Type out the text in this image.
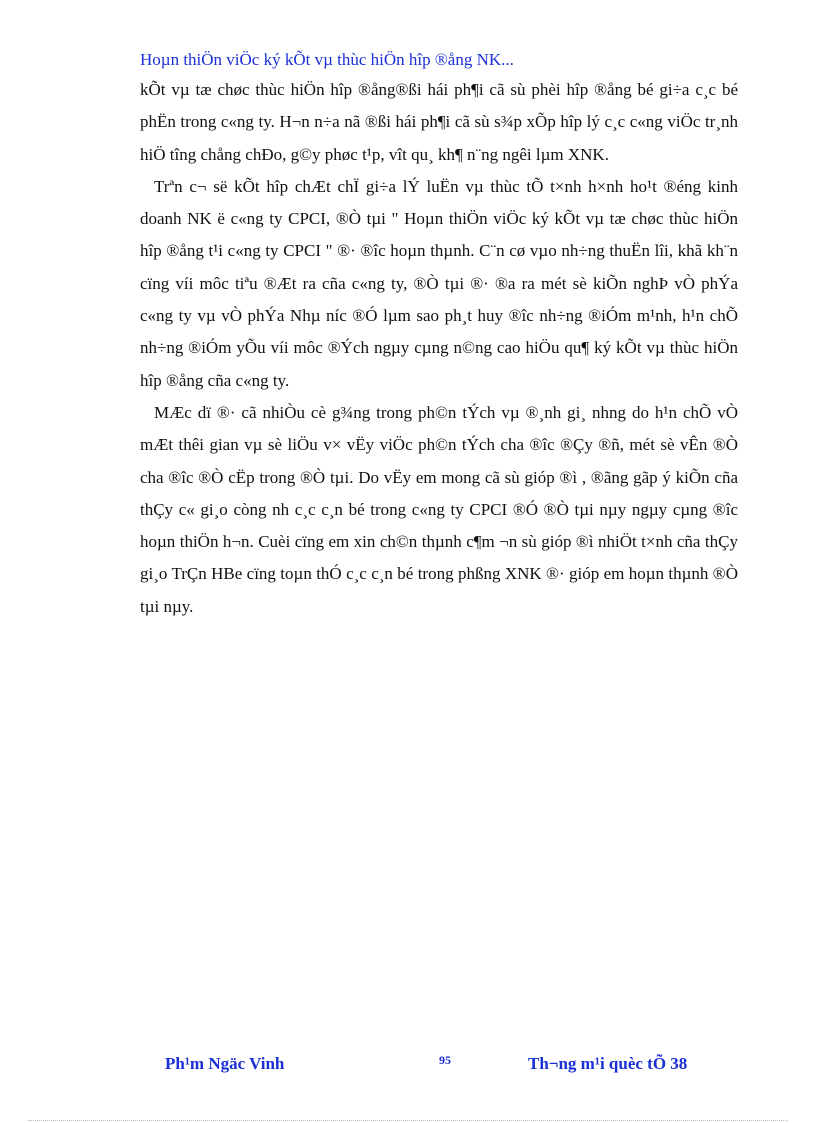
Hoµn thiÖn viÖc ký kÕt vµ thùc hiÖn hîp ®ång NK...

kÕt vµ tæ chøc thùc hiÖn hîp ®ång®ßi hái ph¶i cã sù phèi hîp ®ång bé gi÷a c¸c bé phËn trong c«ng ty. H¬n n÷a nã ®ßi hái ph¶i cã sù s¾p xÕp hîp lý c¸c c«ng viÖc tr¸nh hiÖ tîng chång chÐo, g©y phøc t¹p, vît qu¸ kh¶ n¨ng ngêi lµm XNK.

Trªn c¬ së kÕt hîp chÆt chÏ gi÷a lÝ luËn vµ thùc tÕ t×nh h×nh ho¹t ®éng kinh doanh NK ë c«ng ty CPCI, ®Ò tµi " Hoµn thiÖn viÖc ký kÕt vµ tæ chøc thùc hiÖn hîp ®ång t¹i c«ng ty CPCI " ®· ®îc hoµn thµnh. C¨n cø vµo nh÷ng thuËn lîi, khã kh¨n cïng víi môc tiªu ®Æt ra cña c«ng ty, ®Ò tµi ®· ®a ra mét sè kiÕn nghÞ vÒ phÝa c«ng ty vµ vÒ phÝa Nhµ níc ®Ó lµm sao ph¸t huy ®îc nh÷ng ®iÓm m¹nh, h¹n chÕ nh÷ng ®iÓm yÕu víi môc ®Ých ngµy cµng n©ng cao hiÖu qu¶ ký kÕt vµ thùc hiÖn hîp ®ång cña c«ng ty.

MÆc dï ®· cã nhiÒu cè g¾ng trong ph©n tÝch vµ ®¸nh gi¸ nhng do h¹n chÕ vÒ mÆt thêi gian vµ sè liÖu v× vËy viÖc ph©n tÝch cha ®îc ®Çy ®ñ, mét sè vÊn ®Ò cha ®îc ®Ò cËp trong ®Ò tµi. Do vËy em mong cã sù gióp ®ì , ®ãng gãp ý kiÕn cña thÇy c« gi¸o còng nh c¸c c¸n bé trong c«ng ty CPCI ®Ó ®Ò tµi nµy ngµy cµng ®îc hoµn thiÖn h¬n. Cuèi cïng em xin ch©n thµnh c¶m ¬n sù gióp ®ì nhiÖt t×nh cña thÇy gi¸o TrÇn HBe cïng toµn thÓ c¸c c¸n bé trong phßng XNK ®· gióp em hoµn thµnh ®Ò tµi nµy.

Ph¹m Ngäc Vinh	95	Th¬ng m¹i quèc tÕ 38
